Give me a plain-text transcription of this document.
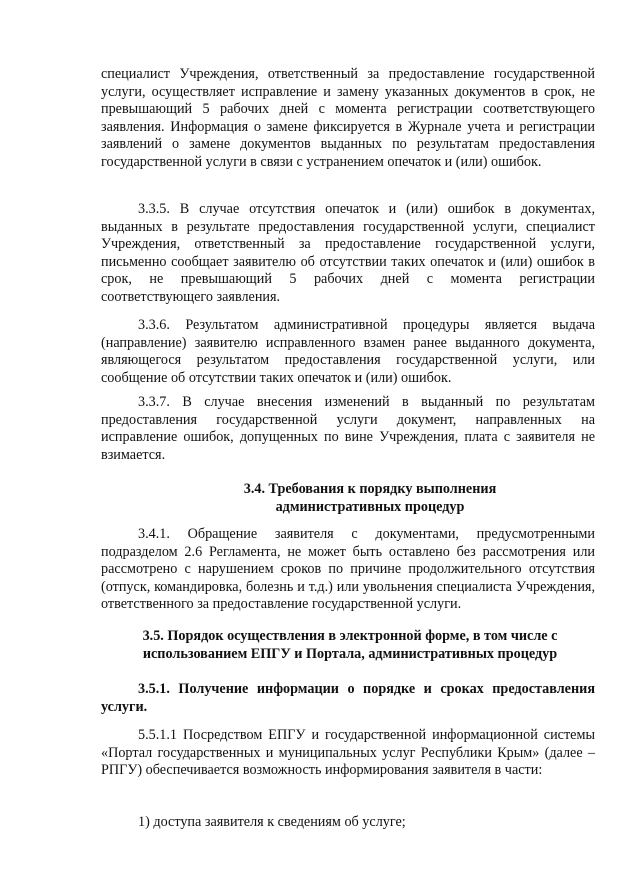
специалист Учреждения, ответственный за предоставление государственной услуги, осуществляет исправление и замену указанных документов в срок, не превышающий 5 рабочих дней с момента регистрации соответствующего заявления. Информация о замене фиксируется в Журнале учета и регистрации заявлений о замене документов выданных по результатам предоставления государственной услуги в связи с устранением опечаток и (или) ошибок.

3.3.5. В случае отсутствия опечаток и (или) ошибок в документах, выданных в результате предоставления государственной услуги, специалист Учреждения, ответственный за предоставление государственной услуги, письменно сообщает заявителю об отсутствии таких опечаток и (или) ошибок в срок, не превышающий 5 рабочих дней с момента регистрации соответствующего заявления.

3.3.6. Результатом административной процедуры является выдача (направление) заявителю исправленного взамен ранее выданного документа, являющегося результатом предоставления государственной услуги, или сообщение об отсутствии таких опечаток и (или) ошибок.

3.3.7. В случае внесения изменений в выданный по результатам предоставления государственной услуги документ, направленных на исправление ошибок, допущенных по вине Учреждения, плата с заявителя не взимается.

3.4. Требования к порядку выполнения административных процедур

3.4.1. Обращение заявителя с документами, предусмотренными подразделом 2.6 Регламента, не может быть оставлено без рассмотрения или рассмотрено с нарушением сроков по причине продолжительного отсутствия (отпуск, командировка, болезнь и т.д.) или увольнения специалиста Учреждения, ответственного за предоставление государственной услуги.

3.5. Порядок осуществления в электронной форме, в том числе с использованием ЕПГУ и Портала, административных процедур

3.5.1. Получение информации о порядке и сроках предоставления услуги.

5.5.1.1 Посредством ЕПГУ и государственной информационной системы «Портал государственных и муниципальных услуг Республики Крым» (далее – РПГУ) обеспечивается возможность информирования заявителя в части:

1) доступа заявителя к сведениям об услуге;
